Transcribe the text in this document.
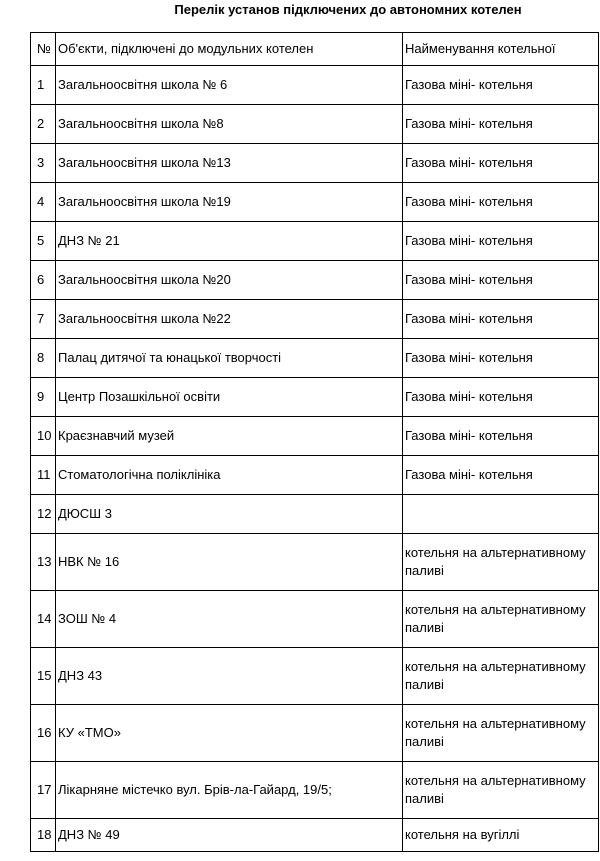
Перелік установ підключених до автономних котелен
№	Об'єкти, підключені до модульних котелен	Найменування котельної
1	Загальноосвітня школа № 6	Газова міні- котельня
2	Загальноосвітня школа №8	Газова міні- котельня
3	Загальноосвітня школа №13	Газова міні- котельня
4	Загальноосвітня школа №19	Газова міні- котельня
5	ДНЗ № 21	Газова міні- котельня
6	Загальноосвітня школа №20	Газова міні- котельня
7	Загальноосвітня школа №22	Газова міні- котельня
8	Палац дитячої та юнацької творчості	Газова міні- котельня
9	Центр Позашкільної освіти	Газова міні- котельня
10	Краєзнавчий музей	Газова міні- котельня
11	Стоматологічна поліклініка	Газова міні- котельня
12	ДЮСШ 3	
13	НВК № 16	котельня на альтернативному паливі
14	ЗОШ № 4	котельня на альтернативному паливі
15	ДНЗ 43	котельня на альтернативному паливі
16	КУ «ТМО»	котельня на альтернативному паливі
17	Лікарняне містечко вул. Брів-ла-Гайард, 19/5;	котельня на альтернативному паливі
18	ДНЗ № 49	котельня на вугіллі
